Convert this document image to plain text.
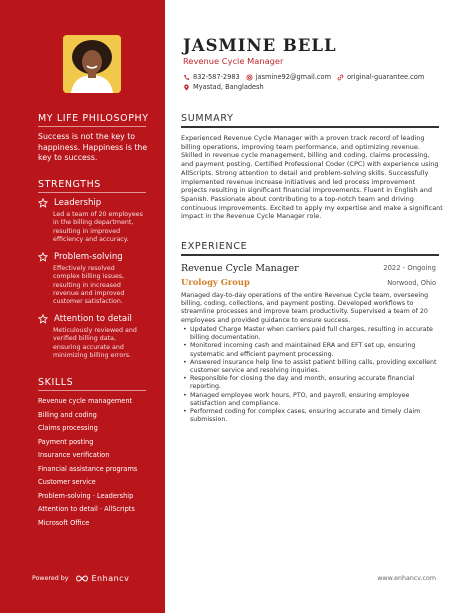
MY LIFE PHILOSOPHY
Success is not the key to happiness. Happiness is the key to success.
STRENGTHS
Leadership
Led a team of 20 employees in the billing department, resulting in improved efficiency and accuracy.
Problem-solving
Effectively resolved complex billing issues, resulting in increased revenue and improved customer satisfaction.
Attention to detail
Meticulously reviewed and verified billing data, ensuring accurate and minimizing billing errors.
SKILLS
Revenue cycle management
Billing and coding
Claims processing
Payment posting
Insurance verification
Financial assistance programs
Customer service
Problem-solving · Leadership
Attention to detail · AllScripts
Microsoft Office
Powered by	Enhancv
JASMINE BELL
Revenue Cycle Manager
832-587-2983 jasmine92@gmail.com original-guarantee.com
Myastad, Bangladesh
SUMMARY
Experienced Revenue Cycle Manager with a proven track record of leading billing operations, improving team performance, and optimizing revenue. Skilled in revenue cycle management, billing and coding, claims processing, and payment posting. Certified Professional Coder (CPC) with experience using AllScripts. Strong attention to detail and problem-solving skills. Successfully implemented revenue increase initiatives and led process improvement projects resulting in significant financial improvements. Fluent in English and Spanish. Passionate about contributing to a top-notch team and driving continuous improvements. Excited to apply my expertise and make a significant impact in the Revenue Cycle Manager role.
EXPERIENCE
Revenue Cycle Manager	2022 - Ongoing
Urology Group	Norwood, Ohio
Managed day-to-day operations of the entire Revenue Cycle team, overseeing billing, coding, collections, and payment posting. Developed workflows to streamline processes and improve team productivity. Supervised a team of 20 employees and provided guidance to ensure success.
• Updated Charge Master when carriers paid full charges, resulting in accurate billing documentation.
• Monitored incoming cash and maintained ERA and EFT set up, ensuring systematic and efficient payment processing.
• Answered insurance help line to assist patient billing calls, providing excellent customer service and resolving inquiries.
• Responsible for closing the day and month, ensuring accurate financial reporting.
• Managed employee work hours, PTO, and payroll, ensuring employee satisfaction and compliance.
• Performed coding for complex cases, ensuring accurate and timely claim submission.
www.enhancv.com
